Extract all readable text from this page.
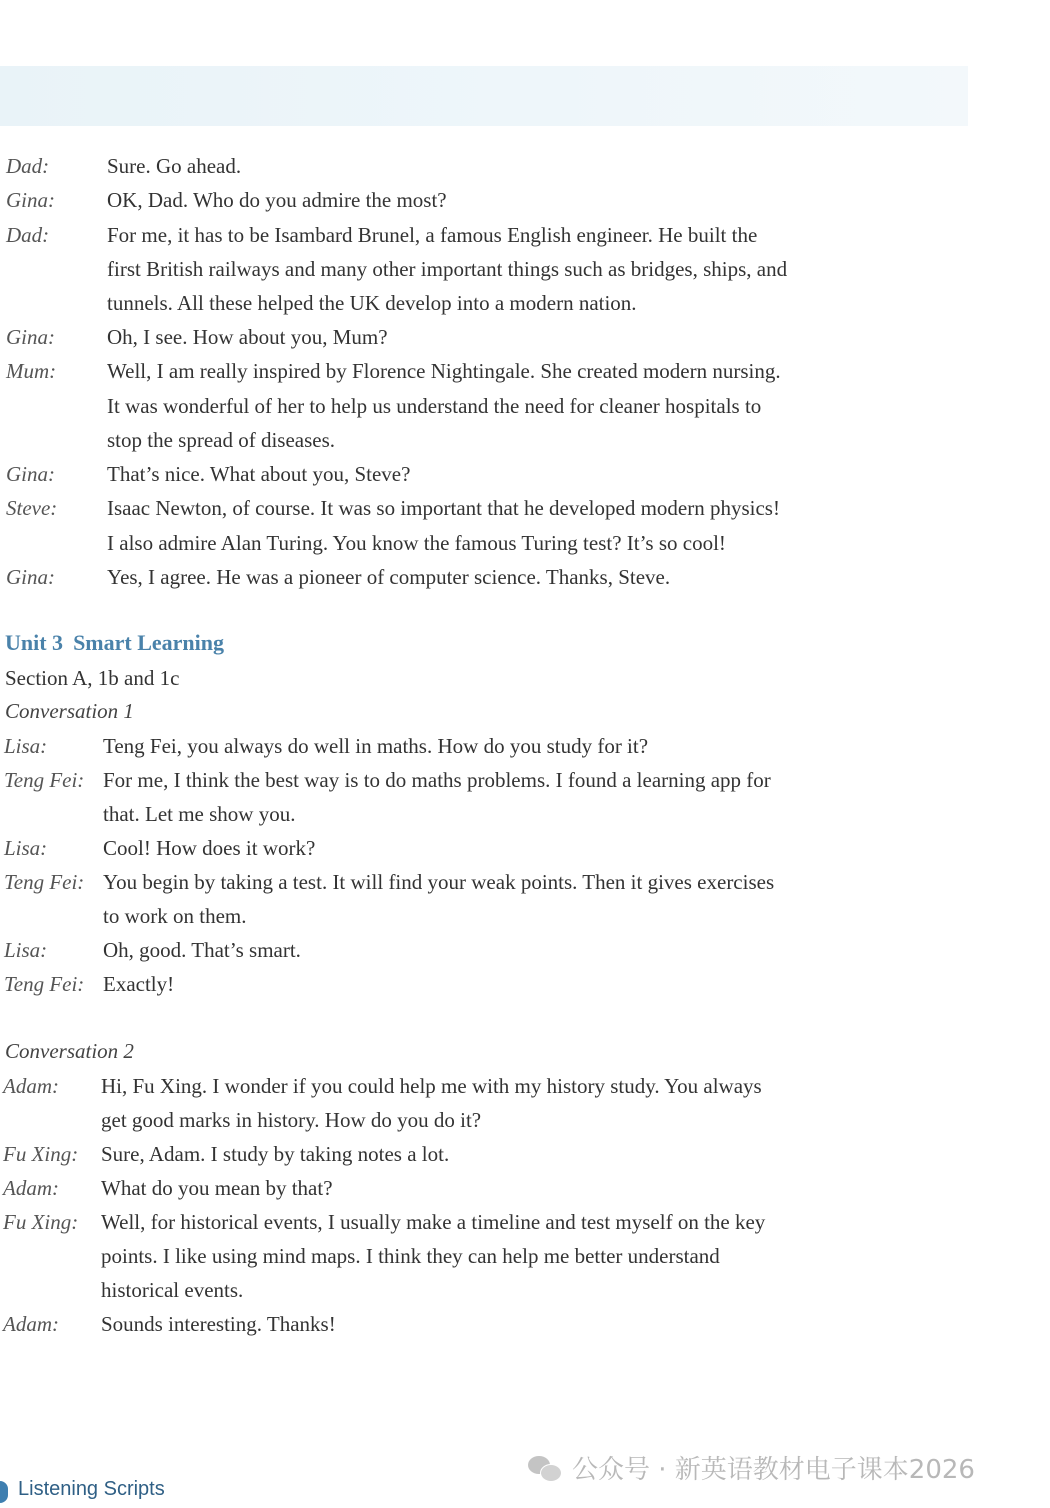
Dad:	Sure. Go ahead.
Gina: OK, Dad. Who do you admire the most?
Dad:	For me, it has to be Isambard Brunel, a famous English engineer. He built the
first British railways and many other important things such as bridges, ships, and
tunnels. All these helped the UK develop into a modern nation.
Gina: Oh, I see. How about you, Mum?
Mum: Well, I am really inspired by Florence Nightingale. She created modern nursing.
It was wonderful of her to help us understand the need for cleaner hospitals to
stop the spread of diseases.
Gina: That’s nice. What about you, Steve?
Steve: Isaac Newton, of course. It was so important that he developed modern physics!
I also admire Alan Turing. You know the famous Turing test? It’s so cool!
Gina: Yes, I agree. He was a pioneer of computer science. Thanks, Steve.
Unit 3 Smart Learning
Section A, 1b and 1c
Conversation 1
Lisa:	Teng Fei, you always do well in maths. How do you study for it?
Teng Fei: For me, I think the best way is to do maths problems. I found a learning app for
that. Let me show you.
Lisa:	Cool! How does it work?
Teng Fei: You begin by taking a test. It will find your weak points. Then it gives exercises
to work on them.
Lisa:	Oh, good. That’s smart.
Teng Fei: Exactly!
Conversation 2
Adam: Hi, Fu Xing. I wonder if you could help me with my history study. You always
get good marks in history. How do you do it?
Fu Xing: Sure, Adam. I study by taking notes a lot.
Adam: What do you mean by that?
Fu Xing: Well, for historical events, I usually make a timeline and test myself on the key
points. I like using mind maps. I think they can help me better understand
historical events.
Adam: Sounds interesting. Thanks!
公众号 · 新英语教材电子课本2026
Listening Scripts
